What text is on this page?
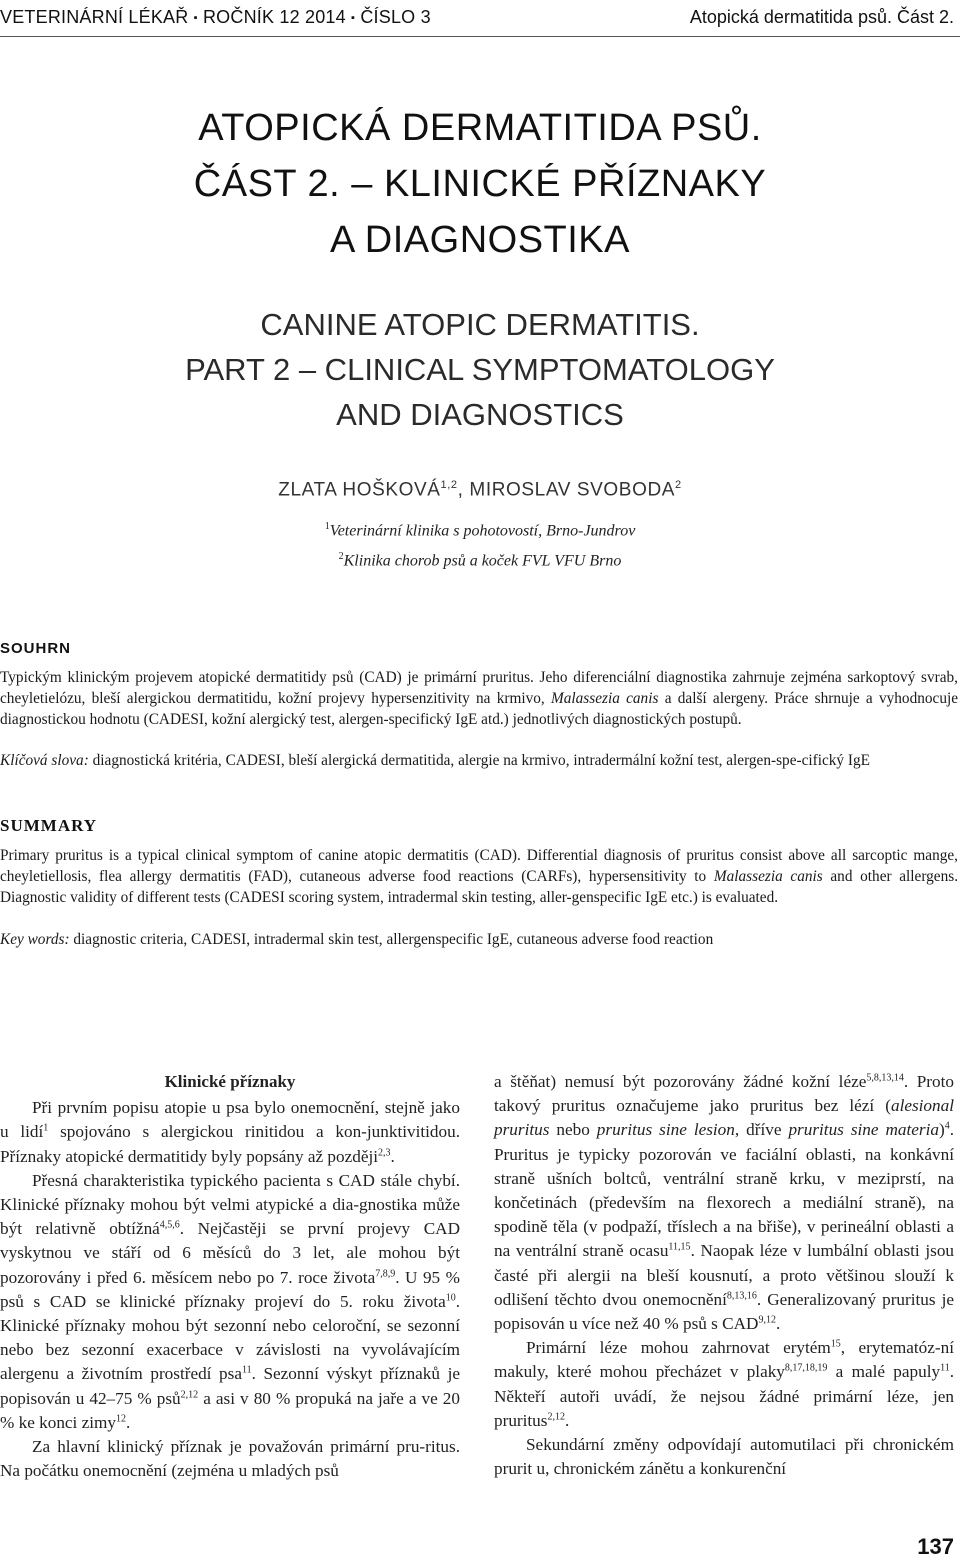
VETERINÁRNÍ LÉKAŘ ▪ ROČNÍK 12 2014 ▪ ČÍSLO 3	Atopická dermatitida psů. Část 2.
ATOPICKÁ DERMATITIDA PSŮ.
ČÁST 2. – KLINICKÉ PŘÍZNAKY
A DIAGNOSTIKA
CANINE ATOPIC DERMATITIS.
PART 2 – CLINICAL SYMPTOMATOLOGY
AND DIAGNOSTICS
ZLATA HOŠKOVÁ$^{1,2}$, MIROSLAV SVOBODA$^2$
$^1$Veterinární klinika s pohotovostí, Brno-Jundrov
$^2$Klinika chorob psů a koček FVL VFU Brno
SOUHRN
Typickým klinickým projevem atopické dermatitidy psů (CAD) je primární pruritus. Jeho diferenciální diagnostika zahrnuje zejména sarkoptový svrab, cheyletielózu, bleší alergickou dermatitidu, kožní projevy hypersenzitivity na krmivo, Malassezia canis a další alergeny. Práce shrnuje a vyhodnocuje diagnostickou hodnotu (CADESI, kožní alergický test, alergen-specifický IgE atd.) jednotlivých diagnostických postupů.
Klíčová slova: diagnostická kritéria, CADESI, bleší alergická dermatitida, alergie na krmivo, intradermální kožní test, alergen-spe-cifický IgE
SUMMARY
Primary pruritus is a typical clinical symptom of canine atopic dermatitis (CAD). Differential diagnosis of pruritus consist above all sarcoptic mange, cheyletiellosis, flea allergy dermatitis (FAD), cutaneous adverse food reactions (CARFs), hypersensitivity to Malassezia canis and other allergens. Diagnostic validity of different tests (CADESI scoring system, intradermal skin testing, aller-genspecific IgE etc.) is evaluated.
Key words: diagnostic criteria, CADESI, intradermal skin test, allergenspecific IgE, cutaneous adverse food reaction
Klinické příznaky

Při prvním popisu atopie u psa bylo onemocnění, stejně jako u lidí$^1$ spojováno s alergickou rinitidou a kon-junktivitidou. Příznaky atopické dermatitidy byly popsány až později$^{2,3}$.

Přesná charakteristika typického pacienta s CAD stále chybí. Klinické příznaky mohou být velmi atypické a dia-gnostika může být relativně obtížná$^{4,5,6}$. Nejčastěji se první projevy CAD vyskytnou ve stáří od 6 měsíců do 3 let, ale mohou být pozorovány i před 6. měsícem nebo po 7. roce života$^{7,8,9}$. U 95 % psů s CAD se klinické příznaky projeví do 5. roku života$^{10}$. Klinické příznaky mohou být sezonní nebo celoroční, se sezonní nebo bez sezonní exacerbace v závislosti na vyvolávajícím alergenu a životním prostředí psa$^{11}$. Sezonní výskyt příznaků je popisován u 42–75 % psů$^{2,12}$ a asi v 80 % propuká na jaře a ve 20 % ke konci zimy$^{12}$.

Za hlavní klinický příznak je považován primární pru-ritus. Na počátku onemocnění (zejména u mladých psů

a štěňat) nemusí být pozorovány žádné kožní léze$^{5,8,13,14}$. Proto takový pruritus označujeme jako pruritus bez lézí (alesional pruritus nebo pruritus sine lesion, dříve pruritus sine materia)$^4$. Pruritus je typicky pozorován ve faciální oblasti, na konkávní straně ušních boltců, ventrální straně krku, v meziprstí, na končetinách (především na flexorech a mediální straně), na spodině těla (v podpaží, tříslech a na břiše), v perineální oblasti a na ventrální straně ocasu$^{11,15}$. Naopak léze v lumbální oblasti jsou časté při alergii na bleší kousnutí, a proto většinou slouží k odlišení těchto dvou onemocnění$^{8,13,16}$. Generalizovaný pruritus je popisován u více než 40 % psů s CAD$^{9,12}$.

Primární léze mohou zahrnovat erytém$^{15}$, erytematóz-ní makuly, které mohou přecházet v plaky$^{8,17,18,19}$ a malé papuly$^{11}$. Někteří autoři uvádí, že nejsou žádné primární léze, jen pruritus$^{2,12}$.

Sekundární změny odpovídají automutilaci při chronickém prurit u, chronickém zánětu a konkurenční

137
